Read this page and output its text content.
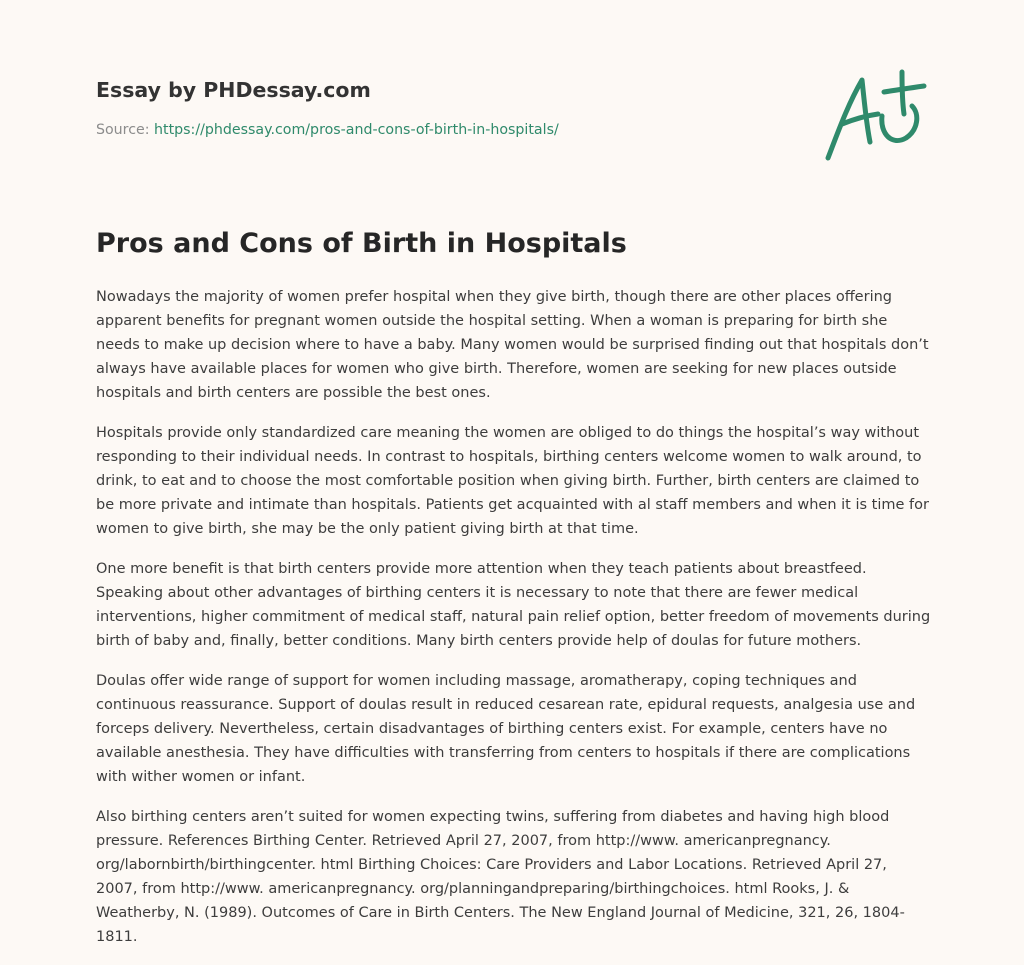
Essay by PHDessay.com
Source: https://phdessay.com/pros-and-cons-of-birth-in-hospitals/
Pros and Cons of Birth in Hospitals

Nowadays the majority of women prefer hospital when they give birth, though there are other places offering apparent benefits for pregnant women outside the hospital setting. When a woman is preparing for birth she needs to make up decision where to have a baby. Many women would be surprised finding out that hospitals don’t always have available places for women who give birth. Therefore, women are seeking for new places outside hospitals and birth centers are possible the best ones.

Hospitals provide only standardized care meaning the women are obliged to do things the hospital’s way without responding to their individual needs. In contrast to hospitals, birthing centers welcome women to walk around, to drink, to eat and to choose the most comfortable position when giving birth. Further, birth centers are claimed to be more private and intimate than hospitals. Patients get acquainted with al staff members and when it is time for women to give birth, she may be the only patient giving birth at that time.

One more benefit is that birth centers provide more attention when they teach patients about breastfeed. Speaking about other advantages of birthing centers it is necessary to note that there are fewer medical interventions, higher commitment of medical staff, natural pain relief option, better freedom of movements during birth of baby and, finally, better conditions. Many birth centers provide help of doulas for future mothers.

Doulas offer wide range of support for women including massage, aromatherapy, coping techniques and continuous reassurance. Support of doulas result in reduced cesarean rate, epidural requests, analgesia use and forceps delivery. Nevertheless, certain disadvantages of birthing centers exist. For example, centers have no available anesthesia. They have difficulties with transferring from centers to hospitals if there are complications with wither women or infant.

Also birthing centers aren’t suited for women expecting twins, suffering from diabetes and having high blood pressure. References Birthing Center. Retrieved April 27, 2007, from http://www. americanpregnancy. org/labornbirth/birthingcenter. html Birthing Choices: Care Providers and Labor Locations. Retrieved April 27, 2007, from http://www. americanpregnancy. org/planningandpreparing/birthingchoices. html Rooks, J. & Weatherby, N. (1989). Outcomes of Care in Birth Centers. The New England Journal of Medicine, 321, 26, 1804-1811.
